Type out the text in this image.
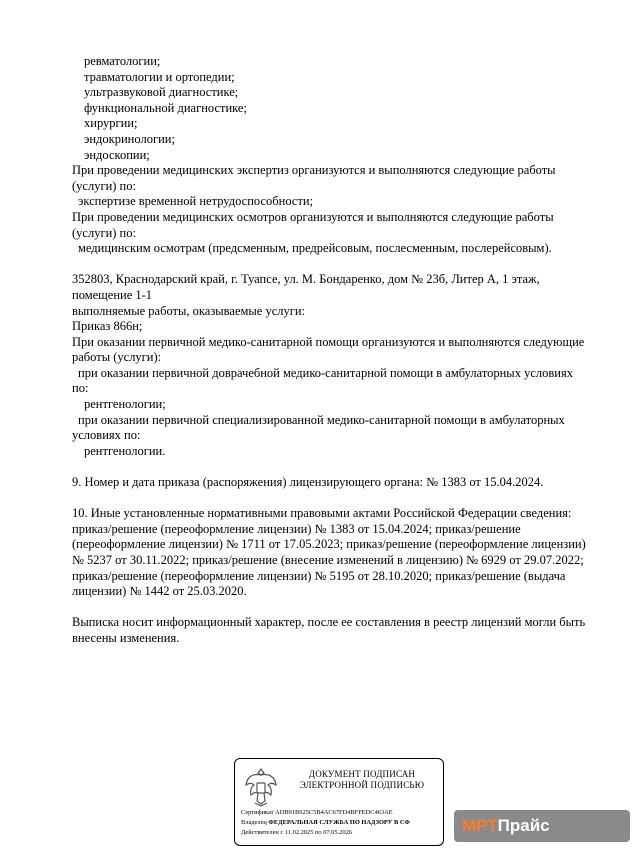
ревматологии;
травматологии и ортопедии;
ультразвуковой диагностике;
функциональной диагностике;
хирургии;
эндокринологии;
эндоскопии;
При проведении медицинских экспертиз организуются и выполняются следующие работы
(услуги) по:
экспертизе временной нетрудоспособности;
При проведении медицинских осмотров организуются и выполняются следующие работы
(услуги) по:
медицинским осмотрам (предсменным, предрейсовым, послесменным, послерейсовым).
352803, Краснодарский край, г. Туапсе, ул. М. Бондаренко, дом № 23б, Литер А, 1 этаж,
помещение 1-1
выполняемые работы, оказываемые услуги:
Приказ 866н;
При оказании первичной медико-санитарной помощи организуются и выполняются следующие
работы (услуги):
при оказании первичной доврачебной медико-санитарной помощи в амбулаторных условиях
по:
рентгенологии;
при оказании первичной специализированной медико-санитарной помощи в амбулаторных
условиях по:
рентгенологии.
9. Номер и дата приказа (распоряжения) лицензирующего органа: № 1383 от 15.04.2024.
10. Иные установленные нормативными правовыми актами Российской Федерации сведения:
приказ/решение (переоформление лицензии) № 1383 от 15.04.2024; приказ/решение
(переоформление лицензии) № 1711 от 17.05.2023; приказ/решение (переоформление лицензии)
№ 5237 от 30.11.2022; приказ/решение (внесение изменений в лицензию) № 6929 от 29.07.2022;
приказ/решение (переоформление лицензии) № 5195 от 28.10.2020; приказ/решение (выдача
лицензии) № 1442 от 25.03.2020.
Выписка носит информационный характер, после ее составления в реестр лицензий могли быть
внесены изменения.
ДОКУМЕНТ ПОДПИСАН
ЭЛЕКТРОННОЙ ПОДПИСЬЮ
Сертификат ADB91B925C5B4AC67FD4BFFEDC463AE
Владелец ФЕДЕРАЛЬНАЯ СЛУЖБА ПО НАДЗОРУ В СФ
Действителен с 11.02.2025 по 07.05.2026	МРТПрайс
